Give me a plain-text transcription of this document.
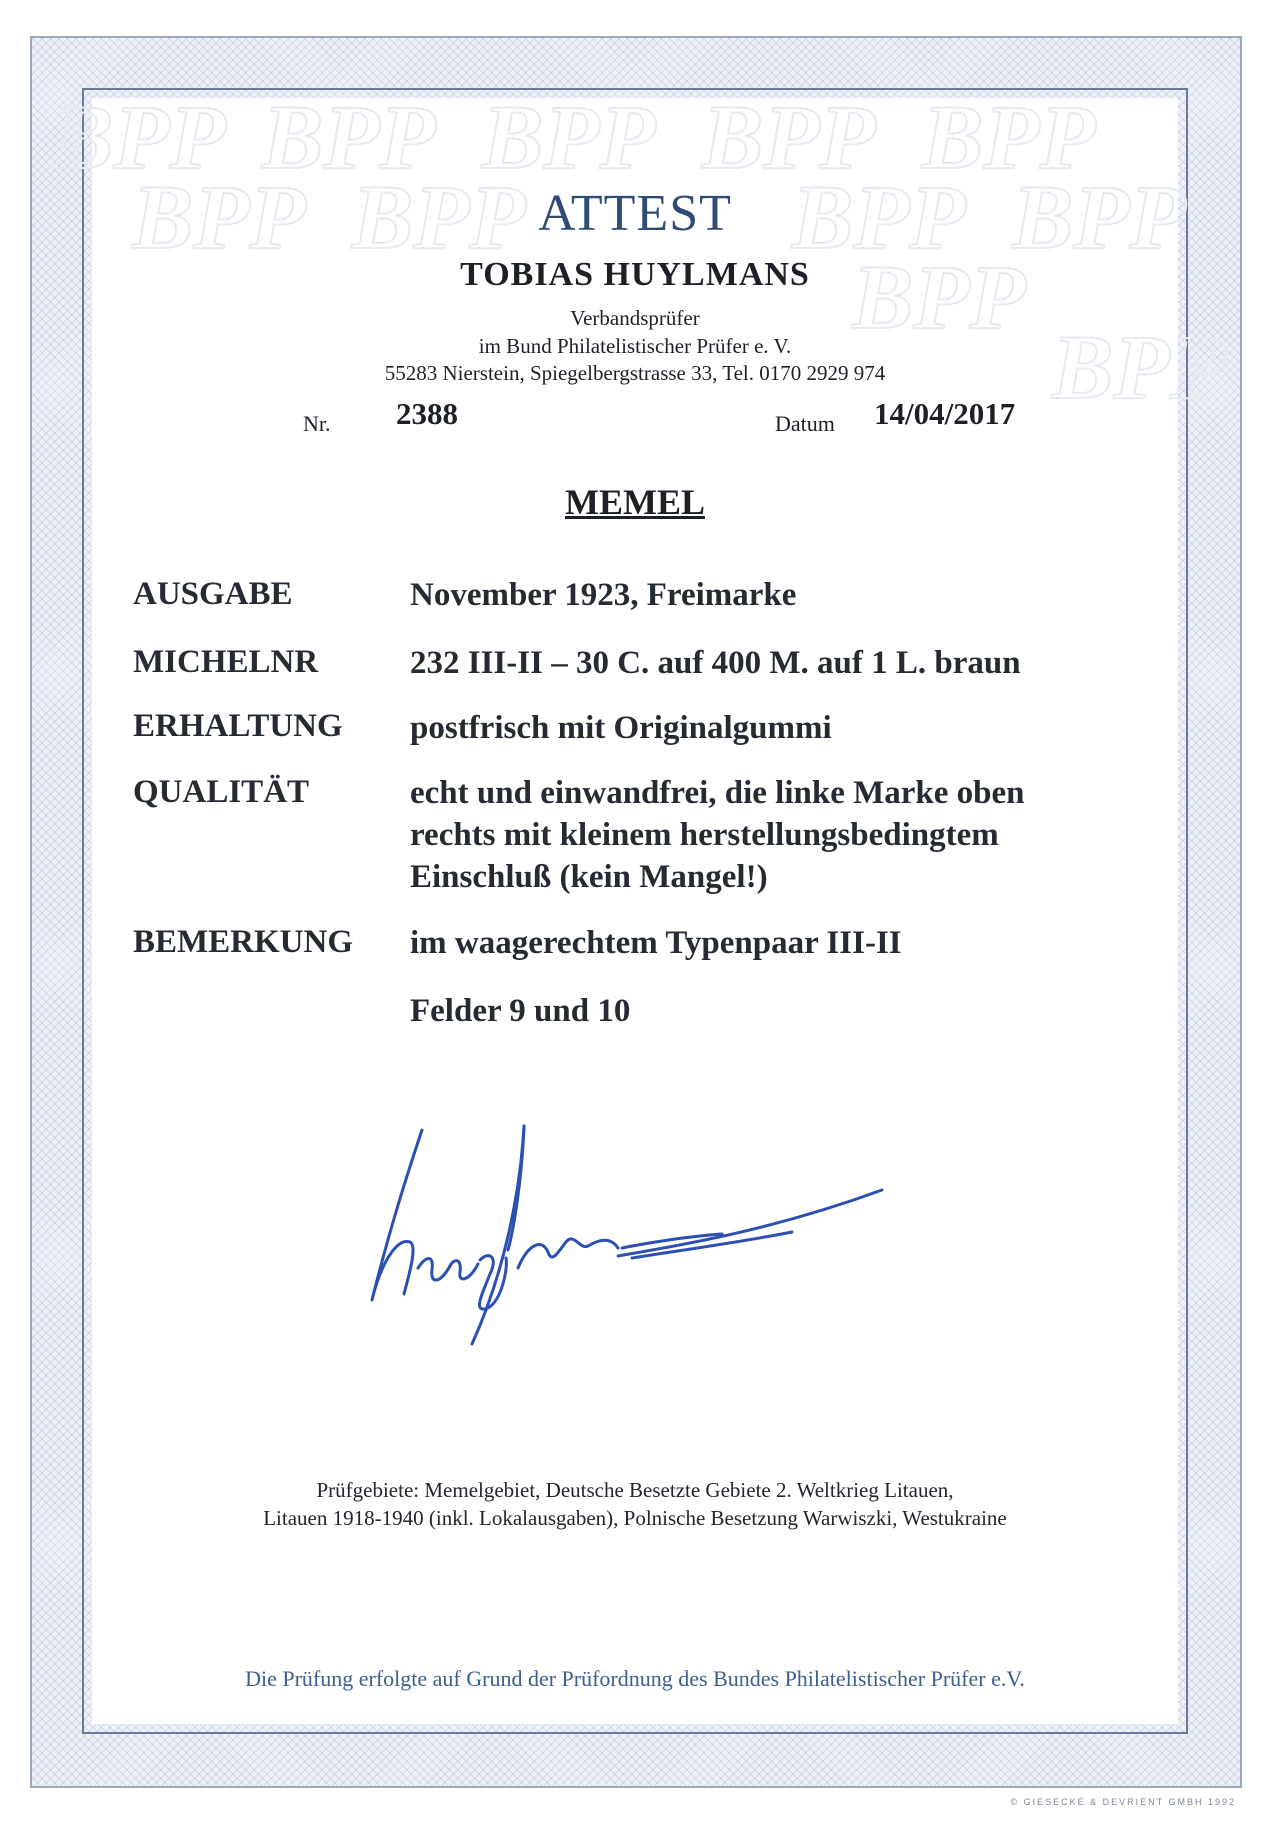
BPP BPP BPP BPP BPP
BPP BPP	BPP BPP
BPP
BPP
ATTEST
TOBIAS HUYLMANS
Verbandsprüfer
im Bund Philatelistischer Prüfer e. V.
55283 Nierstein, Spiegelbergstrasse 33, Tel. 0170 2929 974
Nr. 2388	Datum 14/04/2017
MEMEL
AUSGABE	November 1923, Freimarke
MICHELNR	232 III-II – 30 C. auf 400 M. auf 1 L. braun
ERHALTUNG postfrisch mit Originalgummi
QUALITÄT	echt und einwandfrei, die linke Marke oben
rechts mit kleinem herstellungsbedingtem
Einschluß (kein Mangel!)
BEMERKUNG im waagerechtem Typenpaar III-II
Felder 9 und 10
Prüfgebiete: Memelgebiet, Deutsche Besetzte Gebiete 2. Weltkrieg Litauen,
Litauen 1918-1940 (inkl. Lokalausgaben), Polnische Besetzung Warwiszki, Westukraine
Die Prüfung erfolgte auf Grund der Prüfordnung des Bundes Philatelistischer Prüfer e.V.
© GIESECKE & DEVRIENT GMBH 1992
